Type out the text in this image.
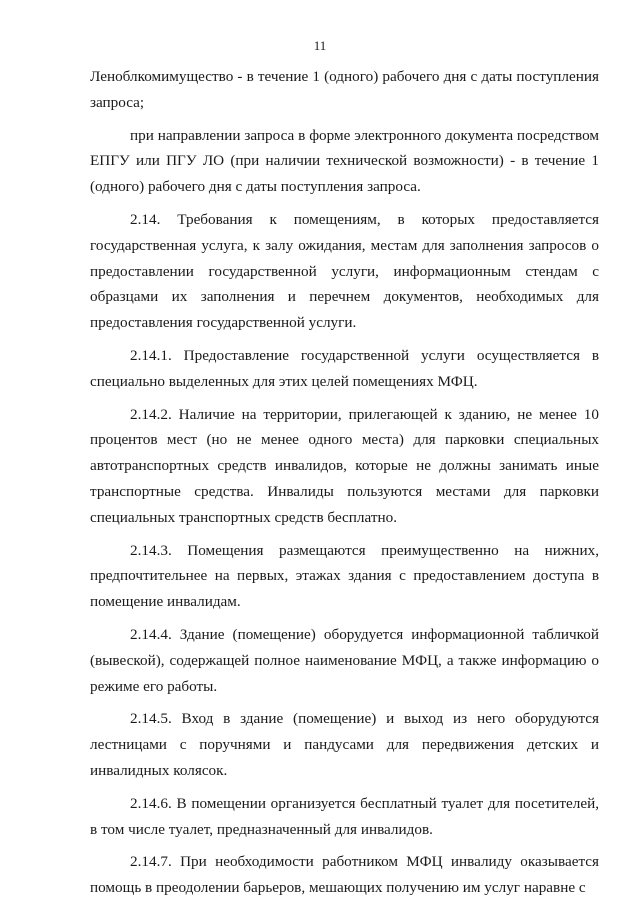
11

Леноблкомимущество - в течение 1 (одного) рабочего дня с даты поступления запроса;

при направлении запроса в форме электронного документа посредством ЕПГУ или ПГУ ЛО (при наличии технической возможности) - в течение 1 (одного) рабочего дня с даты поступления запроса.

2.14. Требования к помещениям, в которых предоставляется государственная услуга, к залу ожидания, местам для заполнения запросов о предоставлении государственной услуги, информационным стендам с образцами их заполнения и перечнем документов, необходимых для предоставления государственной услуги.

2.14.1. Предоставление государственной услуги осуществляется в специально выделенных для этих целей помещениях МФЦ.

2.14.2. Наличие на территории, прилегающей к зданию, не менее 10 процентов мест (но не менее одного места) для парковки специальных автотранспортных средств инвалидов, которые не должны занимать иные транспортные средства. Инвалиды пользуются местами для парковки специальных транспортных средств бесплатно.

2.14.3. Помещения размещаются преимущественно на нижних, предпочтительнее на первых, этажах здания с предоставлением доступа в помещение инвалидам.

2.14.4. Здание (помещение) оборудуется информационной табличкой (вывеской), содержащей полное наименование МФЦ, а также информацию о режиме его работы.

2.14.5. Вход в здание (помещение) и выход из него оборудуются лестницами с поручнями и пандусами для передвижения детских и инвалидных колясок.

2.14.6. В помещении организуется бесплатный туалет для посетителей, в том числе туалет, предназначенный для инвалидов.

2.14.7. При необходимости работником МФЦ инвалиду оказывается помощь в преодолении барьеров, мешающих получению им услуг наравне с
